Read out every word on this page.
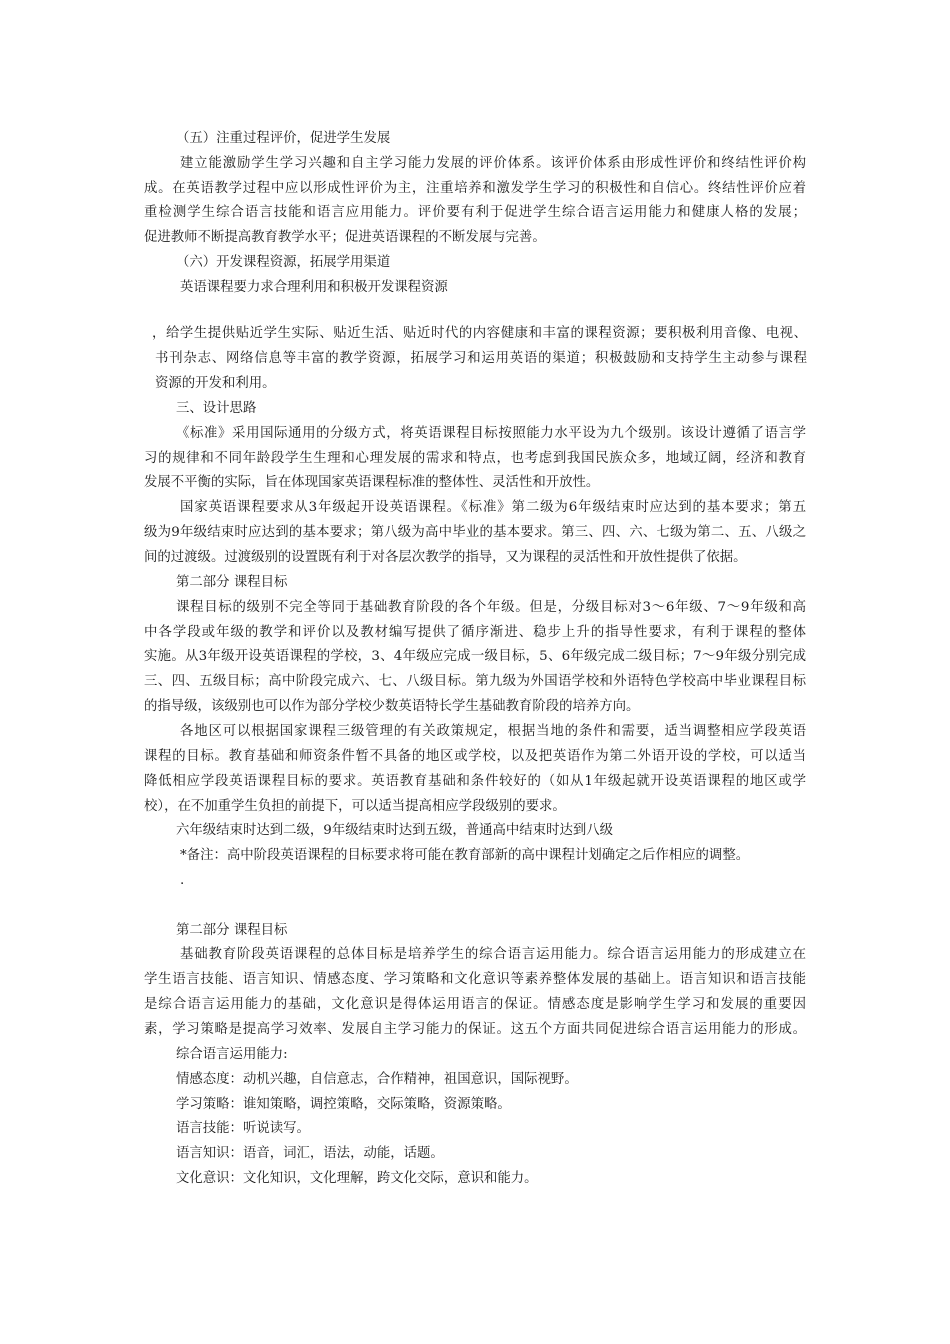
（五）注重过程评价，促进学生发展

建立能激励学生学习兴趣和自主学习能力发展的评价体系。该评价体系由形成性评价和终结性评价构

成。在英语教学过程中应以形成性评价为主，注重培养和激发学生学习的积极性和自信心。终结性评价应着

重检测学生综合语言技能和语言应用能力。评价要有利于促进学生综合语言运用能力和健康人格的发展；

促进教师不断提高教育教学水平；促进英语课程的不断发展与完善。

（六）开发课程资源，拓展学用渠道

英语课程要力求合理利用和积极开发课程资源

，给学生提供贴近学生实际、贴近生活、贴近时代的内容健康和丰富的课程资源；要积极利用音像、电视、

书刊杂志、网络信息等丰富的教学资源，拓展学习和运用英语的渠道；积极鼓励和支持学生主动参与课程

资源的开发和利用。

三、设计思路

《标准》采用国际通用的分级方式，将英语课程目标按照能力水平设为九个级别。该设计遵循了语言学

习的规律和不同年龄段学生生理和心理发展的需求和特点，也考虑到我国民族众多，地域辽阔，经济和教育

发展不平衡的实际，旨在体现国家英语课程标准的整体性、灵活性和开放性。

国家英语课程要求从3年级起开设英语课程。《标准》第二级为6年级结束时应达到的基本要求；第五

级为9年级结束时应达到的基本要求；第八级为高中毕业的基本要求。第三、四、六、七级为第二、五、八级之

间的过渡级。过渡级别的设置既有利于对各层次教学的指导，又为课程的灵活性和开放性提供了依据。

第二部分 课程目标

课程目标的级别不完全等同于基础教育阶段的各个年级。但是，分级目标对3～6年级、7～9年级和高

中各学段或年级的教学和评价以及教材编写提供了循序渐进、稳步上升的指导性要求，有利于课程的整体

实施。从3年级开设英语课程的学校，3、4年级应完成一级目标，5、6年级完成二级目标；7～9年级分别完成

三、四、五级目标；高中阶段完成六、七、八级目标。第九级为外国语学校和外语特色学校高中毕业课程目标

的指导级，该级别也可以作为部分学校少数英语特长学生基础教育阶段的培养方向。

各地区可以根据国家课程三级管理的有关政策规定，根据当地的条件和需要，适当调整相应学段英语

课程的目标。教育基础和师资条件暂不具备的地区或学校，以及把英语作为第二外语开设的学校，可以适当

降低相应学段英语课程目标的要求。英语教育基础和条件较好的（如从1年级起就开设英语课程的地区或学

校），在不加重学生负担的前提下，可以适当提高相应学段级别的要求。

六年级结束时达到二级，9年级结束时达到五级，普通高中结束时达到八级

*备注：高中阶段英语课程的目标要求将可能在教育部新的高中课程计划确定之后作相应的调整。

.

第二部分 课程目标

基础教育阶段英语课程的总体目标是培养学生的综合语言运用能力。综合语言运用能力的形成建立在

学生语言技能、语言知识、情感态度、学习策略和文化意识等素养整体发展的基础上。语言知识和语言技能

是综合语言运用能力的基础，文化意识是得体运用语言的保证。情感态度是影响学生学习和发展的重要因

素，学习策略是提高学习效率、发展自主学习能力的保证。这五个方面共同促进综合语言运用能力的形成。

综合语言运用能力:

情感态度：动机兴趣，自信意志，合作精神，祖国意识，国际视野。

学习策略：谁知策略，调控策略，交际策略，资源策略。

语言技能：听说读写。

语言知识：语音，词汇，语法，动能，话题。

文化意识：文化知识，文化理解，跨文化交际，意识和能力。
